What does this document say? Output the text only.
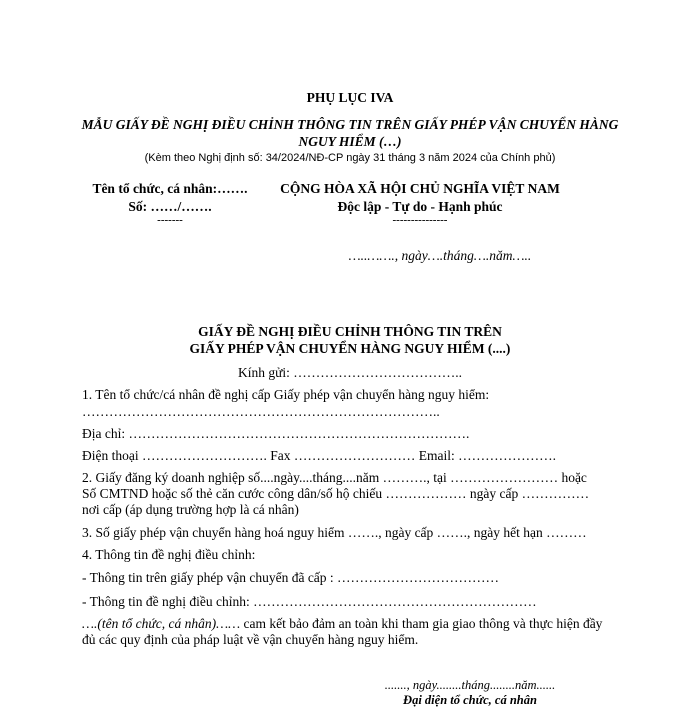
PHỤ LỤC IVA
MẪU GIẤY ĐỀ NGHỊ ĐIỀU CHỈNH THÔNG TIN TRÊN GIẤY PHÉP VẬN CHUYỂN HÀNG
NGUY HIỂM (…)
(Kèm theo Nghị định số: 34/2024/NĐ-CP ngày 31 tháng 3 năm 2024 của Chính phủ)
Tên tổ chức, cá nhân:…….
Số: ……/…….
-------
CỘNG HÒA XÃ HỘI CHỦ NGHĨA VIỆT NAM
Độc lập - Tự do - Hạnh phúc
---------------
…..……., ngày….tháng….năm…..
GIẤY ĐỀ NGHỊ ĐIỀU CHỈNH THÔNG TIN TRÊN
GIẤY PHÉP VẬN CHUYỂN HÀNG NGUY HIỂM (....)
Kính gửi: ………………………………..
1. Tên tổ chức/cá nhân đề nghị cấp Giấy phép vận chuyển hàng nguy hiểm:
……………………………………………………………………..
Địa chỉ: ………………………………………………………………….
Điện thoại ………………………. Fax ……………………… Email: ………………….
2. Giấy đăng ký doanh nghiệp số....ngày....tháng....năm ………., tại …………………… hoặc
Số CMTND hoặc số thẻ căn cước công dân/số hộ chiếu ……………… ngày cấp ……………
nơi cấp (áp dụng trường hợp là cá nhân)
3. Số giấy phép vận chuyển hàng hoá nguy hiểm ……., ngày cấp ……., ngày hết hạn ………
4. Thông tin đề nghị điều chỉnh:
- Thông tin trên giấy phép vận chuyển đã cấp : ………………………………
- Thông tin đề nghị điều chỉnh: ………………………………………………………
….(tên tổ chức, cá nhân)…… cam kết bảo đảm an toàn khi tham gia giao thông và thực hiện đầy
đủ các quy định của pháp luật về vận chuyển hàng nguy hiểm.
......., ngày........tháng........năm......
Đại diện tổ chức, cá nhân
